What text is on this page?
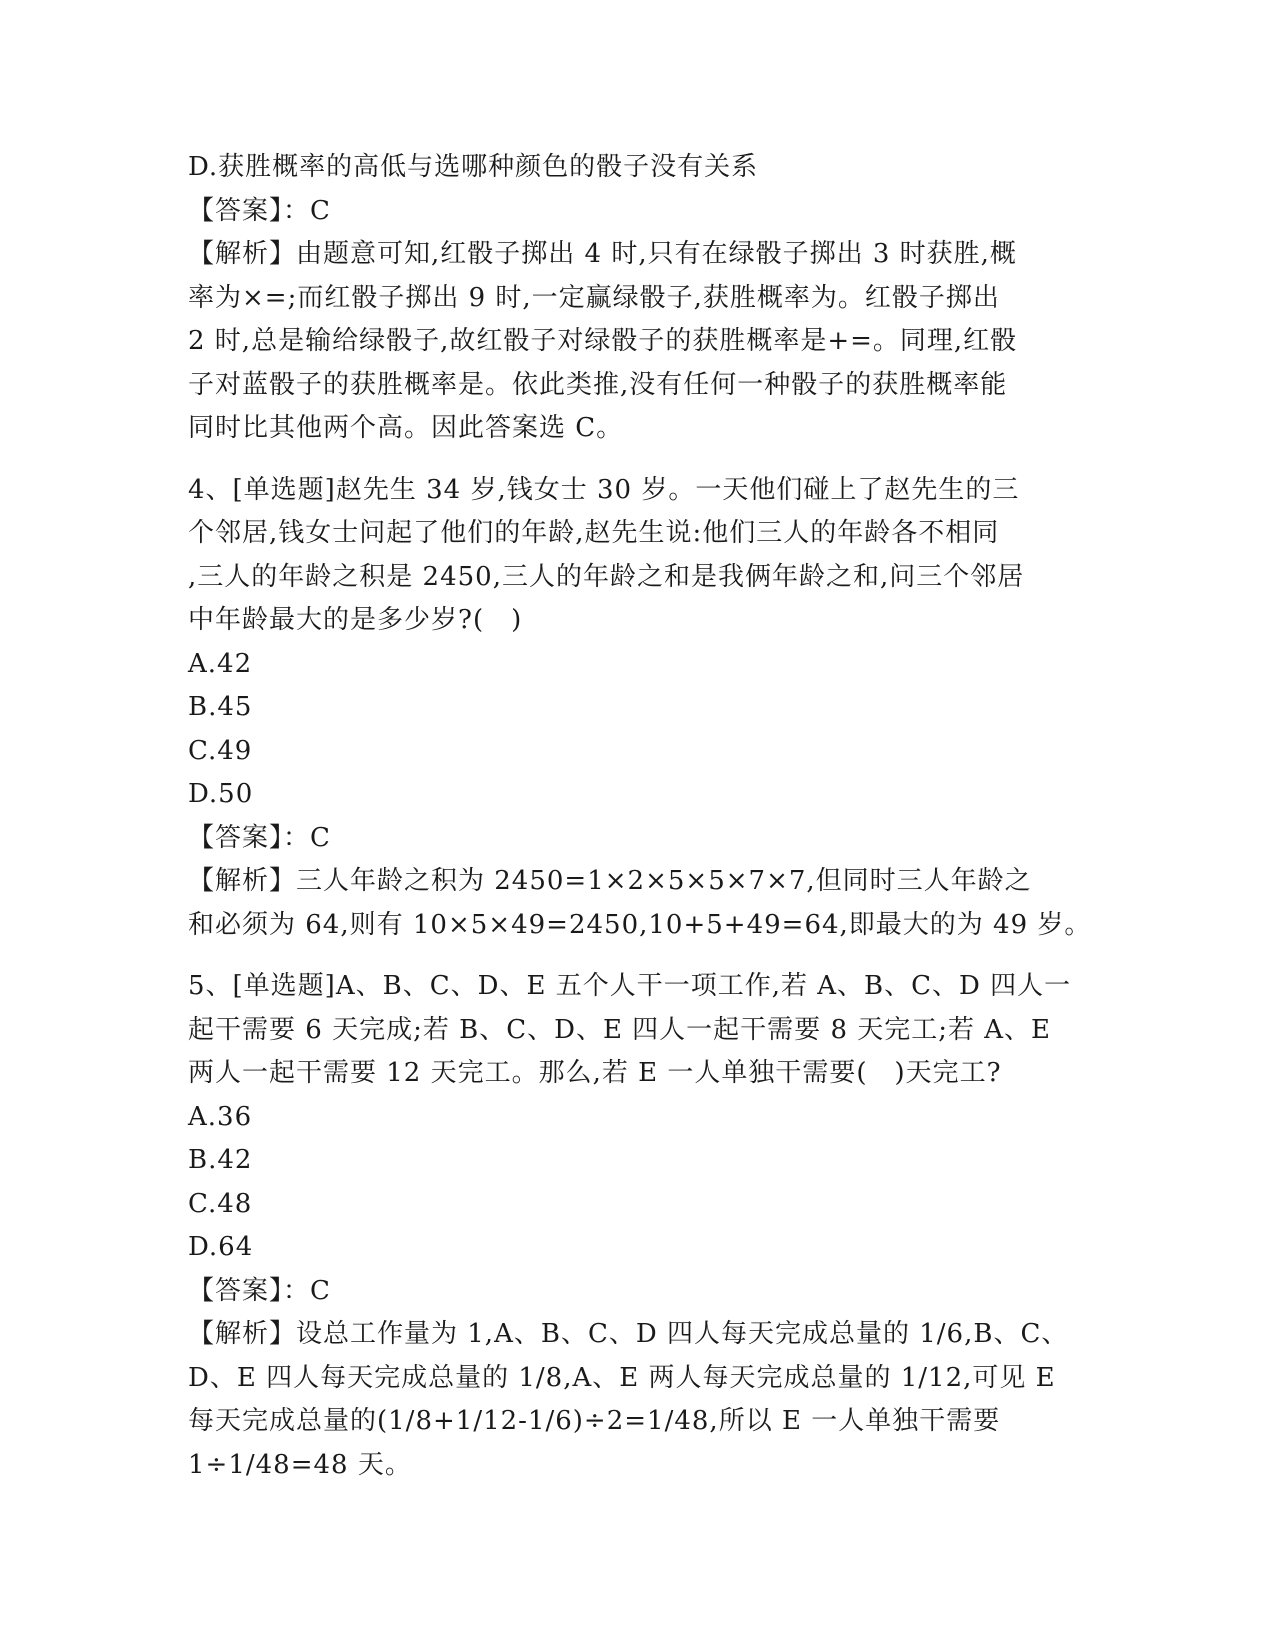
D.获胜概率的高低与选哪种颜色的骰子没有关系
【答案】：C
【解析】由题意可知,红骰子掷出 4 时,只有在绿骰子掷出 3 时获胜,概
率为×=;而红骰子掷出 9 时,一定赢绿骰子,获胜概率为。红骰子掷出
2 时,总是输给绿骰子,故红骰子对绿骰子的获胜概率是+=。同理,红骰
子对蓝骰子的获胜概率是。依此类推,没有任何一种骰子的获胜概率能
同时比其他两个高。因此答案选 C。
4、[单选题]赵先生 34 岁,钱女士 30 岁。一天他们碰上了赵先生的三
个邻居,钱女士问起了他们的年龄,赵先生说:他们三人的年龄各不相同
,三人的年龄之积是 2450,三人的年龄之和是我俩年龄之和,问三个邻居
中年龄最大的是多少岁?(　)
A.42
B.45
C.49
D.50
【答案】：C
【解析】三人年龄之积为 2450=1×2×5×5×7×7,但同时三人年龄之
和必须为 64,则有 10×5×49=2450,10+5+49=64,即最大的为 49 岁。
5、[单选题]A、B、C、D、E 五个人干一项工作,若 A、B、C、D 四人一
起干需要 6 天完成;若 B、C、D、E 四人一起干需要 8 天完工;若 A、E
两人一起干需要 12 天完工。那么,若 E 一人单独干需要(　)天完工?
A.36
B.42
C.48
D.64
【答案】：C
【解析】设总工作量为 1,A、B、C、D 四人每天完成总量的 1/6,B、C、
D、E 四人每天完成总量的 1/8,A、E 两人每天完成总量的 1/12,可见 E
每天完成总量的(1/8+1/12-1/6)÷2=1/48,所以 E 一人单独干需要
1÷1/48=48 天。
